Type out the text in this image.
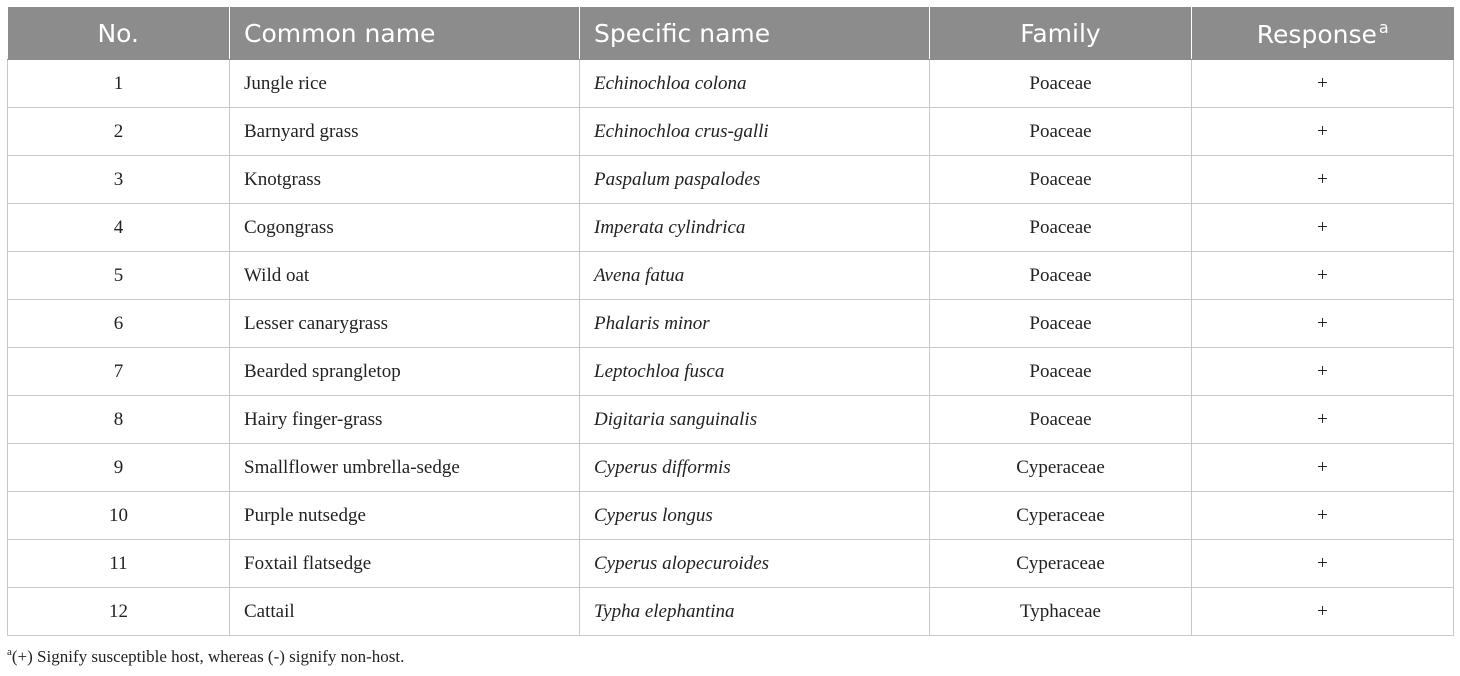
No.	Common name	Specific name	Family	Response $^a$
1	Jungle rice	Echinochloa colona	Poaceae	+
2	Barnyard grass	Echinochloa crus-galli	Poaceae	+
3	Knotgrass	Paspalum paspalodes	Poaceae	+
4	Cogongrass	Imperata cylindrica	Poaceae	+
5	Wild oat	Avena fatua	Poaceae	+
6	Lesser canarygrass	Phalaris minor	Poaceae	+
7	Bearded sprangletop	Leptochloa fusca	Poaceae	+
8	Hairy finger-grass	Digitaria sanguinalis	Poaceae	+
9	Smallflower umbrella-sedge	Cyperus difformis	Cyperaceae	+
10	Purple nutsedge	Cyperus longus	Cyperaceae	+
11	Foxtail flatsedge	Cyperus alopecuroides	Cyperaceae	+
12	Cattail	Typha elephantina	Typhaceae	+
$^a$(+) Signify susceptible host, whereas (-) signify non-host.
